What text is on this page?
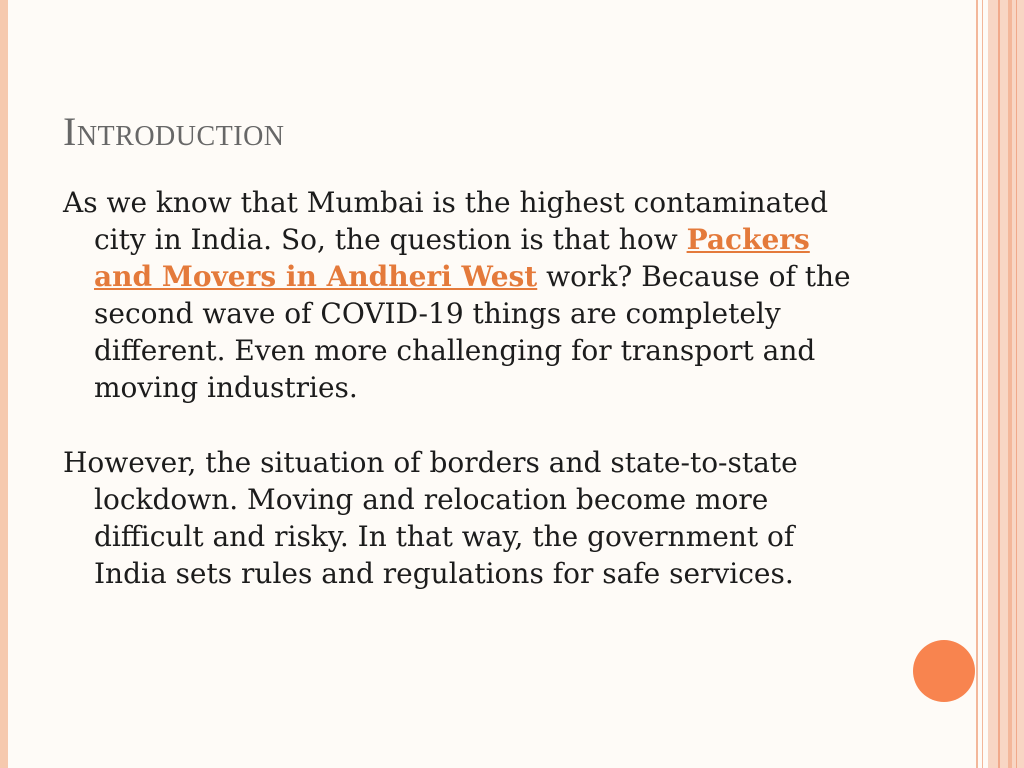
Introduction

As we know that Mumbai is the highest contaminated city in India. So, the question is that how Packers and Movers in Andheri West work? Because of the second wave of COVID-19 things are completely different. Even more challenging for transport and moving industries.

However, the situation of borders and state-to-state lockdown. Moving and relocation become more difficult and risky. In that way, the government of India sets rules and regulations for safe services.
